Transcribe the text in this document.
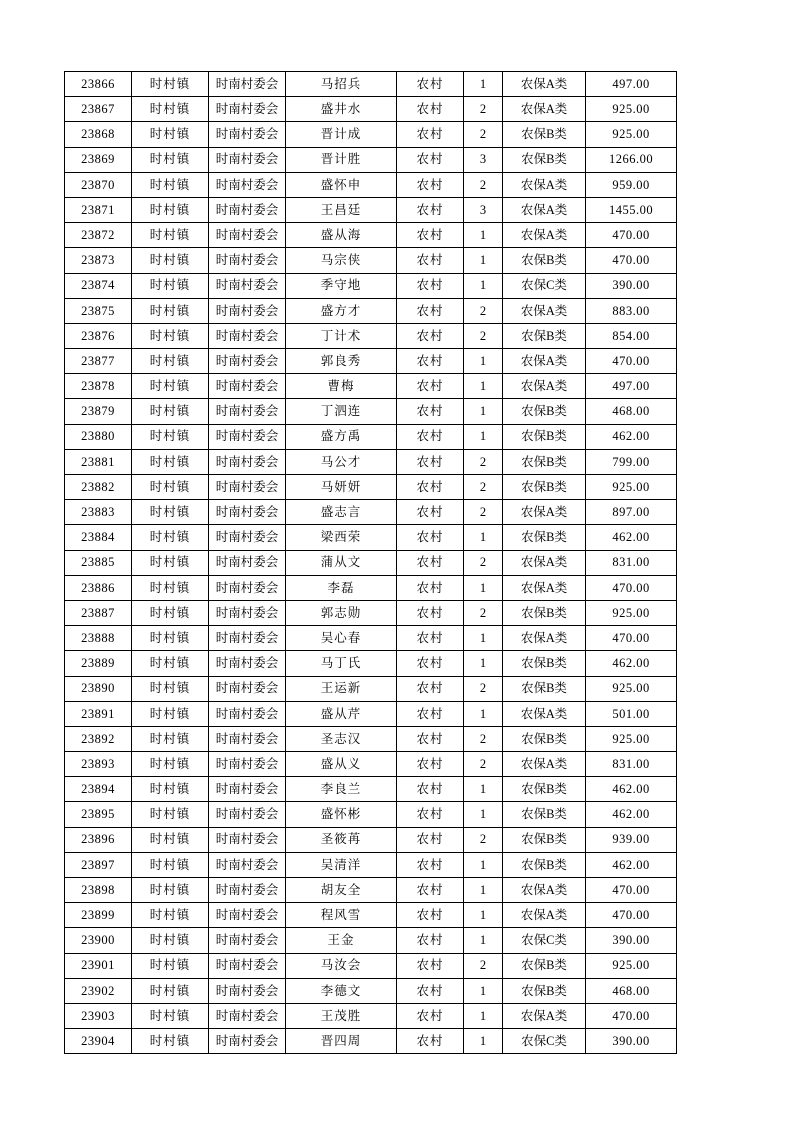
23866	时村镇	时南村委会	马招兵	农村	1	农保A类	497.00
23867	时村镇	时南村委会	盛井水	农村	2	农保A类	925.00
23868	时村镇	时南村委会	晋计成	农村	2	农保B类	925.00
23869	时村镇	时南村委会	晋计胜	农村	3	农保B类	1266.00
23870	时村镇	时南村委会	盛怀申	农村	2	农保A类	959.00
23871	时村镇	时南村委会	王昌廷	农村	3	农保A类	1455.00
23872	时村镇	时南村委会	盛从海	农村	1	农保A类	470.00
23873	时村镇	时南村委会	马宗侠	农村	1	农保B类	470.00
23874	时村镇	时南村委会	季守地	农村	1	农保C类	390.00
23875	时村镇	时南村委会	盛方才	农村	2	农保A类	883.00
23876	时村镇	时南村委会	丁计术	农村	2	农保B类	854.00
23877	时村镇	时南村委会	郭良秀	农村	1	农保A类	470.00
23878	时村镇	时南村委会	曹梅	农村	1	农保A类	497.00
23879	时村镇	时南村委会	丁泗连	农村	1	农保B类	468.00
23880	时村镇	时南村委会	盛方禹	农村	1	农保B类	462.00
23881	时村镇	时南村委会	马公才	农村	2	农保B类	799.00
23882	时村镇	时南村委会	马妍妍	农村	2	农保B类	925.00
23883	时村镇	时南村委会	盛志言	农村	2	农保A类	897.00
23884	时村镇	时南村委会	梁西荣	农村	1	农保B类	462.00
23885	时村镇	时南村委会	蒲从文	农村	2	农保A类	831.00
23886	时村镇	时南村委会	李磊	农村	1	农保A类	470.00
23887	时村镇	时南村委会	郭志勋	农村	2	农保B类	925.00
23888	时村镇	时南村委会	吴心春	农村	1	农保A类	470.00
23889	时村镇	时南村委会	马丁氏	农村	1	农保B类	462.00
23890	时村镇	时南村委会	王运新	农村	2	农保B类	925.00
23891	时村镇	时南村委会	盛从芹	农村	1	农保A类	501.00
23892	时村镇	时南村委会	圣志汉	农村	2	农保B类	925.00
23893	时村镇	时南村委会	盛从义	农村	2	农保A类	831.00
23894	时村镇	时南村委会	李良兰	农村	1	农保B类	462.00
23895	时村镇	时南村委会	盛怀彬	农村	1	农保B类	462.00
23896	时村镇	时南村委会	圣筱苒	农村	2	农保B类	939.00
23897	时村镇	时南村委会	吴清洋	农村	1	农保B类	462.00
23898	时村镇	时南村委会	胡友全	农村	1	农保A类	470.00
23899	时村镇	时南村委会	程风雪	农村	1	农保A类	470.00
23900	时村镇	时南村委会	王金	农村	1	农保C类	390.00
23901	时村镇	时南村委会	马汝会	农村	2	农保B类	925.00
23902	时村镇	时南村委会	李德文	农村	1	农保B类	468.00
23903	时村镇	时南村委会	王茂胜	农村	1	农保A类	470.00
23904	时村镇	时南村委会	晋四周	农村	1	农保C类	390.00
